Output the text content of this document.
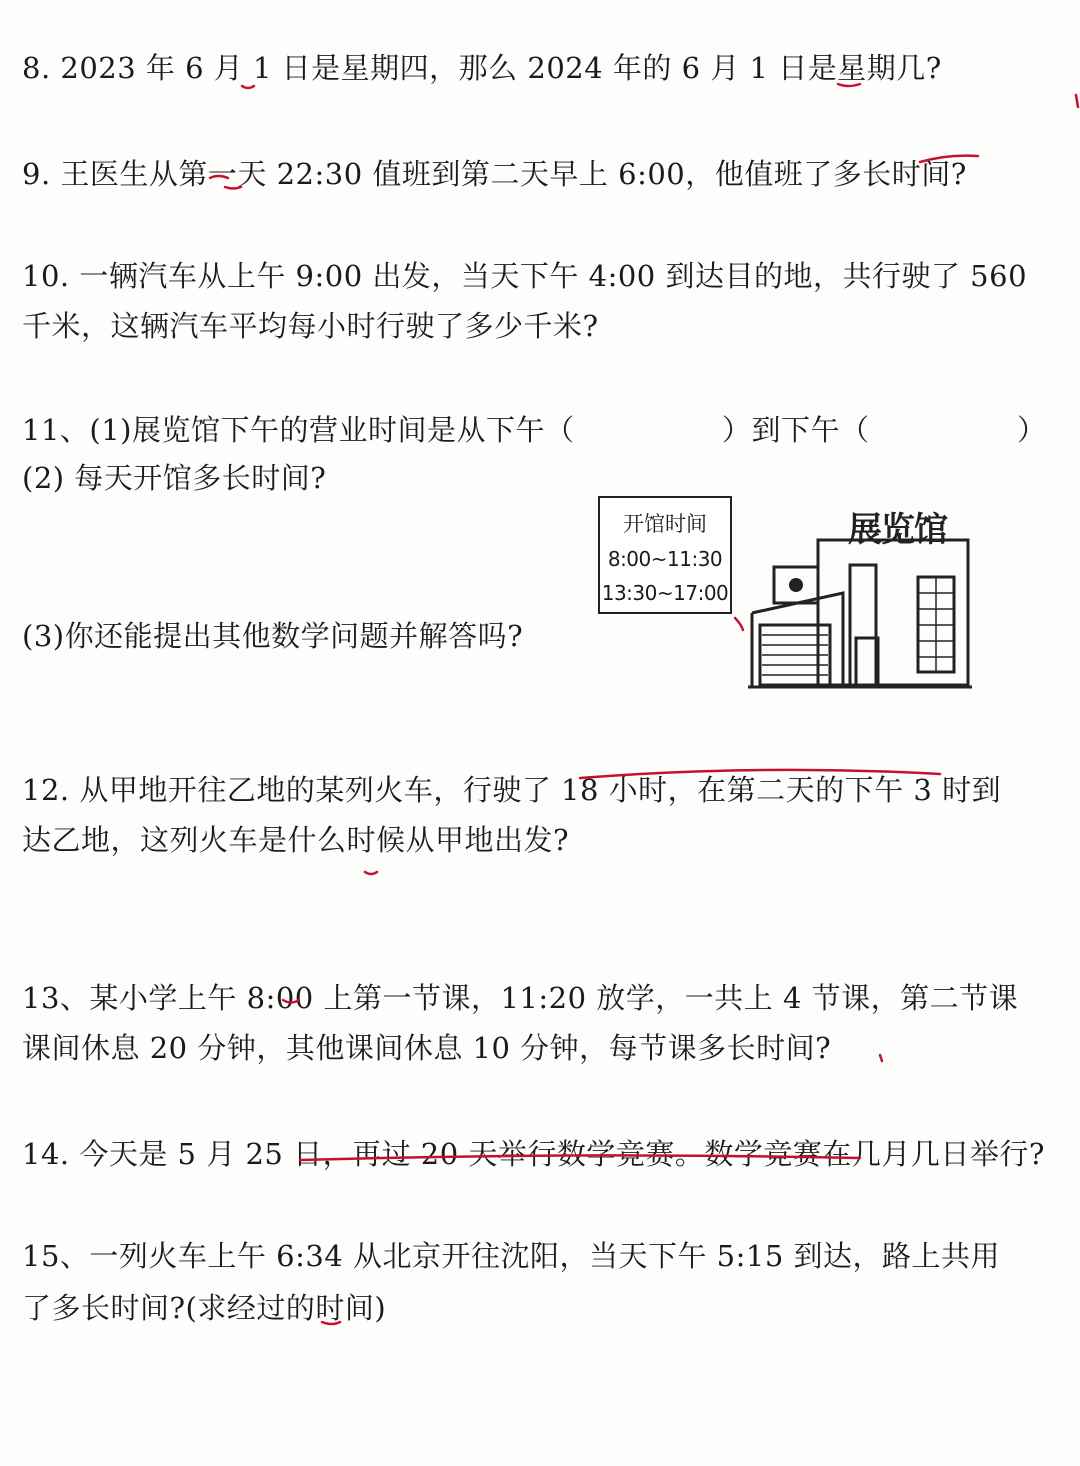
8. 2023 年 6 月 1 日是星期四，那么 2024 年的 6 月 1 日是星期几?
9. 王医生从第一天 22:30 值班到第二天早上 6:00，他值班了多长时间?
10. 一辆汽车从上午 9:00 出发，当天下午 4:00 到达目的地，共行驶了 560
千米，这辆汽车平均每小时行驶了多少千米?
11、(1)展览馆下午的营业时间是从下午（　　　　　）到下午（　　　　　）
(2) 每天开馆多长时间?
(3)你还能提出其他数学问题并解答吗?
12. 从甲地开往乙地的某列火车，行驶了 18 小时，在第二天的下午 3 时到
达乙地，这列火车是什么时候从甲地出发?
13、某小学上午 8:00 上第一节课，11:20 放学，一共上 4 节课，第二节课
课间休息 20 分钟，其他课间休息 10 分钟，每节课多长时间?
14. 今天是 5 月 25 日，再过 20 天举行数学竞赛。数学竞赛在几月几日举行?
15、一列火车上午 6:34 从北京开往沈阳，当天下午 5:15 到达，路上共用
了多长时间?(求经过的时间)
开馆时间
8:00~11:30
13:30~17:00
展览馆
